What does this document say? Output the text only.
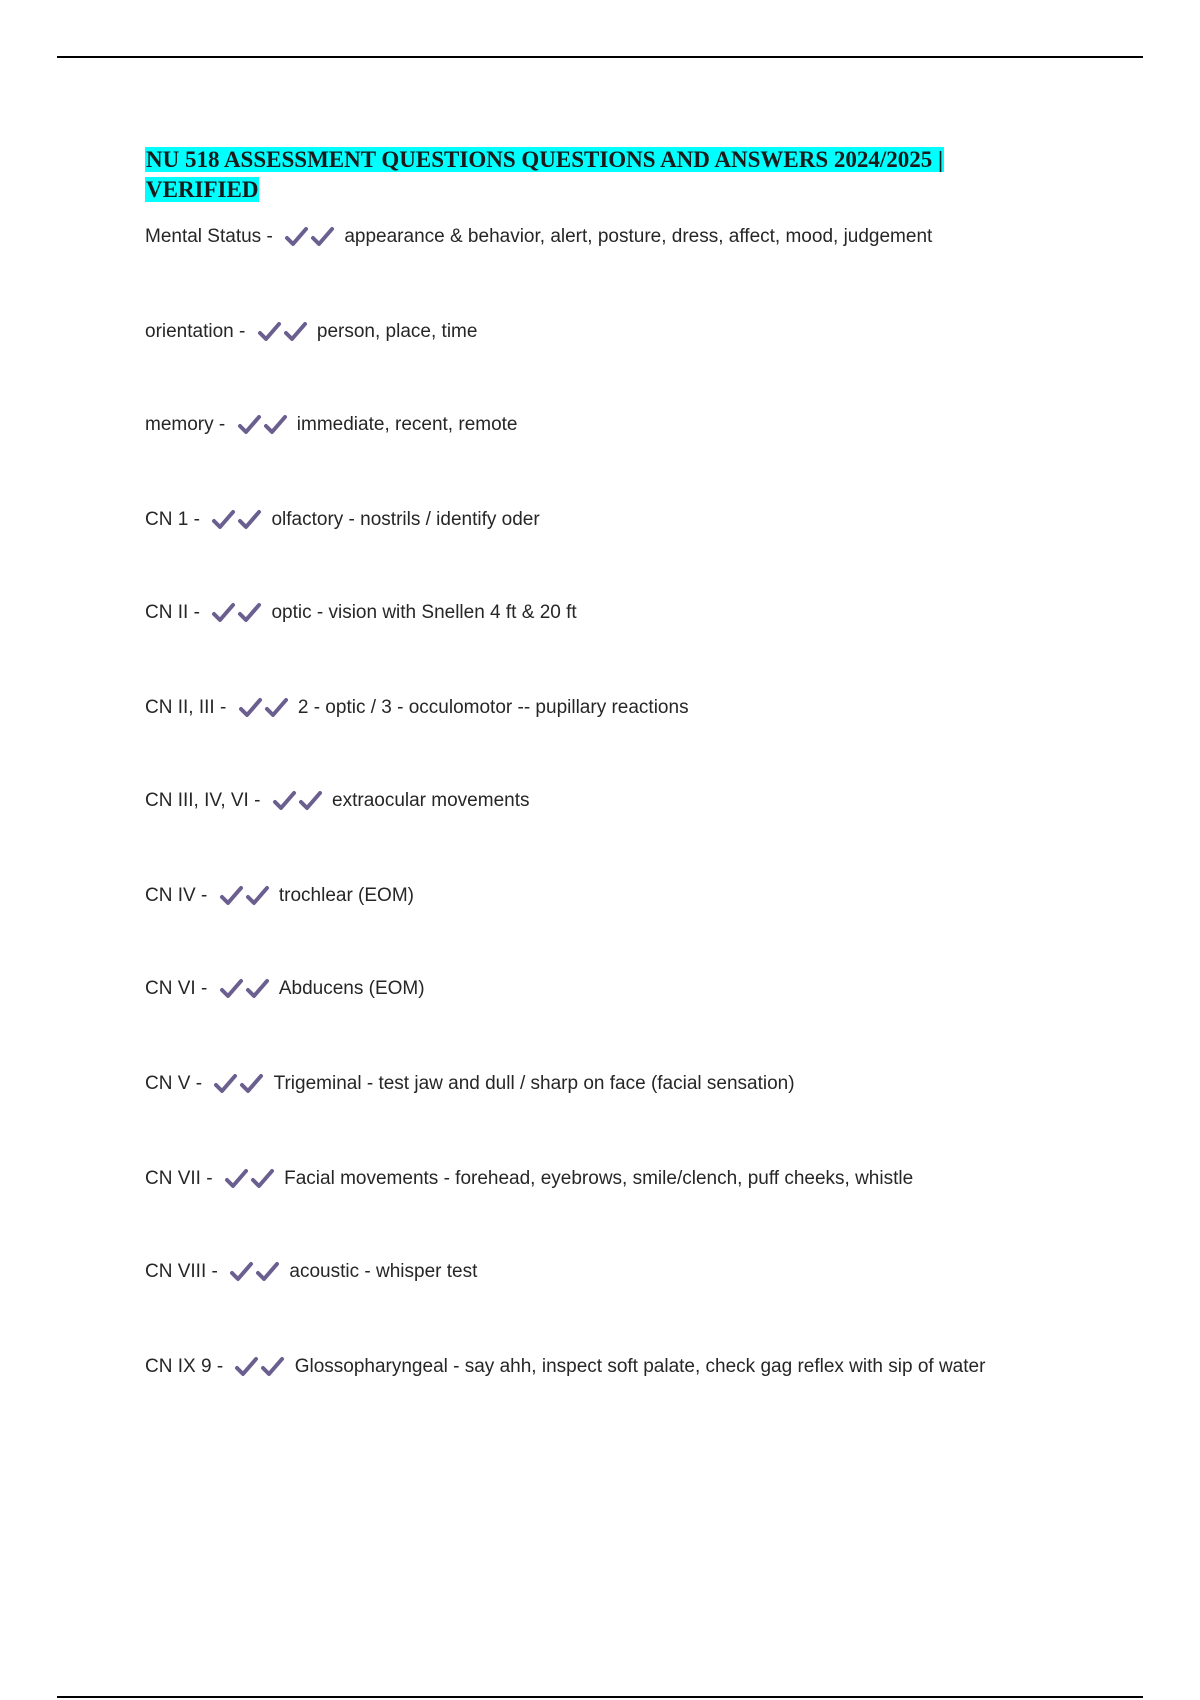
NU 518 ASSESSMENT QUESTIONS QUESTIONS AND ANSWERS 2024/2025 | VERIFIED
Mental Status -	appearance & behavior, alert, posture, dress, affect, mood, judgement
orientation -	person, place, time
memory -	immediate, recent, remote
CN 1 -	olfactory - nostrils / identify oder
CN II -	optic - vision with Snellen 4 ft & 20 ft
CN II, III -	2 - optic / 3 - occulomotor -- pupillary reactions
CN III, IV, VI -	extraocular movements
CN IV -	trochlear (EOM)
CN VI -	Abducens (EOM)
CN V -	Trigeminal - test jaw and dull / sharp on face (facial sensation)
CN VII -	Facial movements - forehead, eyebrows, smile/clench, puff cheeks, whistle
CN VIII -	acoustic - whisper test
CN IX 9 -	Glossopharyngeal - say ahh, inspect soft palate, check gag reflex with sip of water
